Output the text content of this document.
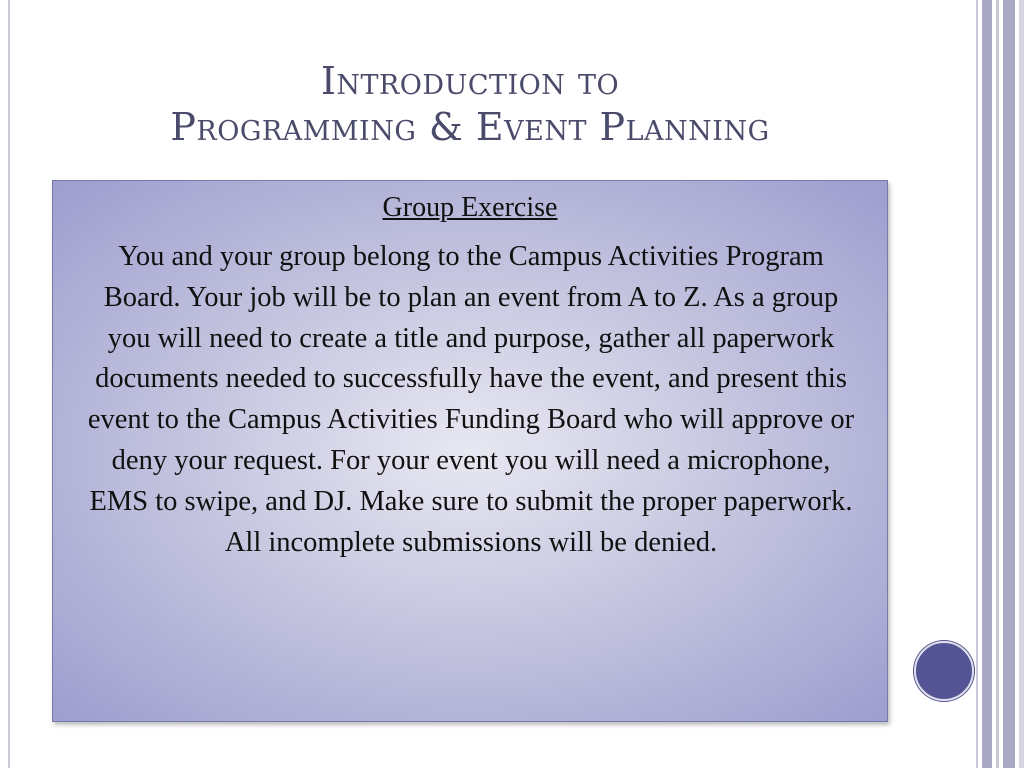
Introduction to
Programming & Event Planning
Group Exercise
You and your group belong to the Campus Activities Program Board. Your job will be to plan an event from A to Z. As a group you will need to create a title and purpose, gather all paperwork documents needed to successfully have the event, and present this event to the Campus Activities Funding Board who will approve or deny your request. For your event you will need a microphone, EMS to swipe, and DJ. Make sure to submit the proper paperwork. All incomplete submissions will be denied.
